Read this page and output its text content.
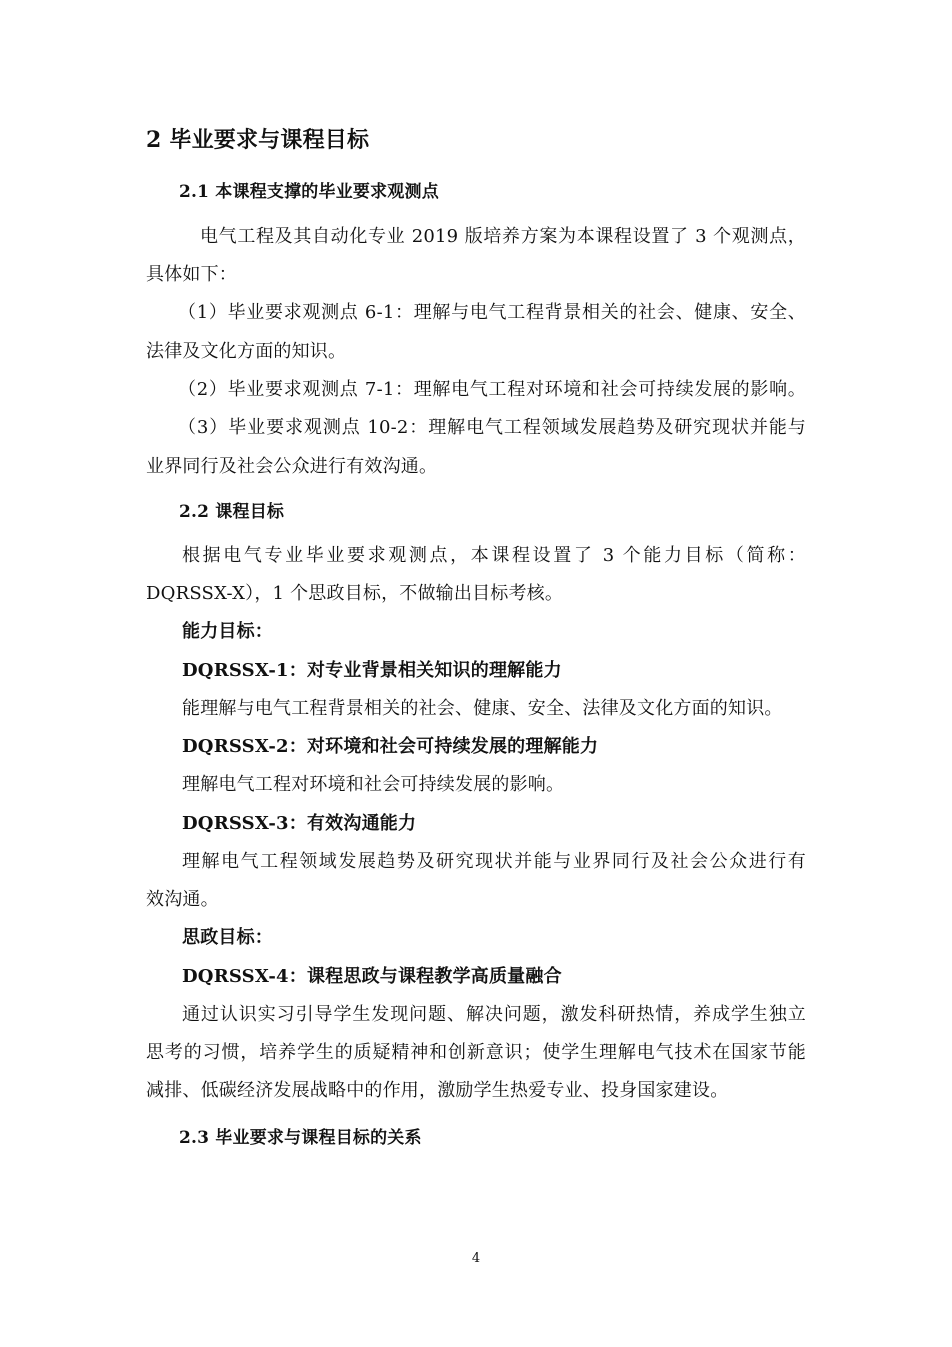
2 毕业要求与课程目标
2.1 本课程支撑的毕业要求观测点
电气工程及其自动化专业 2019 版培养方案为本课程设置了 3 个观测点，
具体如下：
（1）毕业要求观测点 6-1：理解与电气工程背景相关的社会、健康、安全、
法律及文化方面的知识。
（2）毕业要求观测点 7-1：理解电气工程对环境和社会可持续发展的影响。
（3）毕业要求观测点 10-2：理解电气工程领域发展趋势及研究现状并能与
业界同行及社会公众进行有效沟通。
2.2 课程目标
根据电气专业毕业要求观测点，本课程设置了 3 个能力目标（简称：
DQRSSX-X），1 个思政目标，不做输出目标考核。
能力目标：
DQRSSX-1：对专业背景相关知识的理解能力
能理解与电气工程背景相关的社会、健康、安全、法律及文化方面的知识。
DQRSSX-2：对环境和社会可持续发展的理解能力
理解电气工程对环境和社会可持续发展的影响。
DQRSSX-3：有效沟通能力
理解电气工程领域发展趋势及研究现状并能与业界同行及社会公众进行有
效沟通。
思政目标：
DQRSSX-4：课程思政与课程教学高质量融合
通过认识实习引导学生发现问题、解决问题，激发科研热情，养成学生独立
思考的习惯，培养学生的质疑精神和创新意识；使学生理解电气技术在国家节能
减排、低碳经济发展战略中的作用，激励学生热爱专业、投身国家建设。
2.3 毕业要求与课程目标的关系
4
